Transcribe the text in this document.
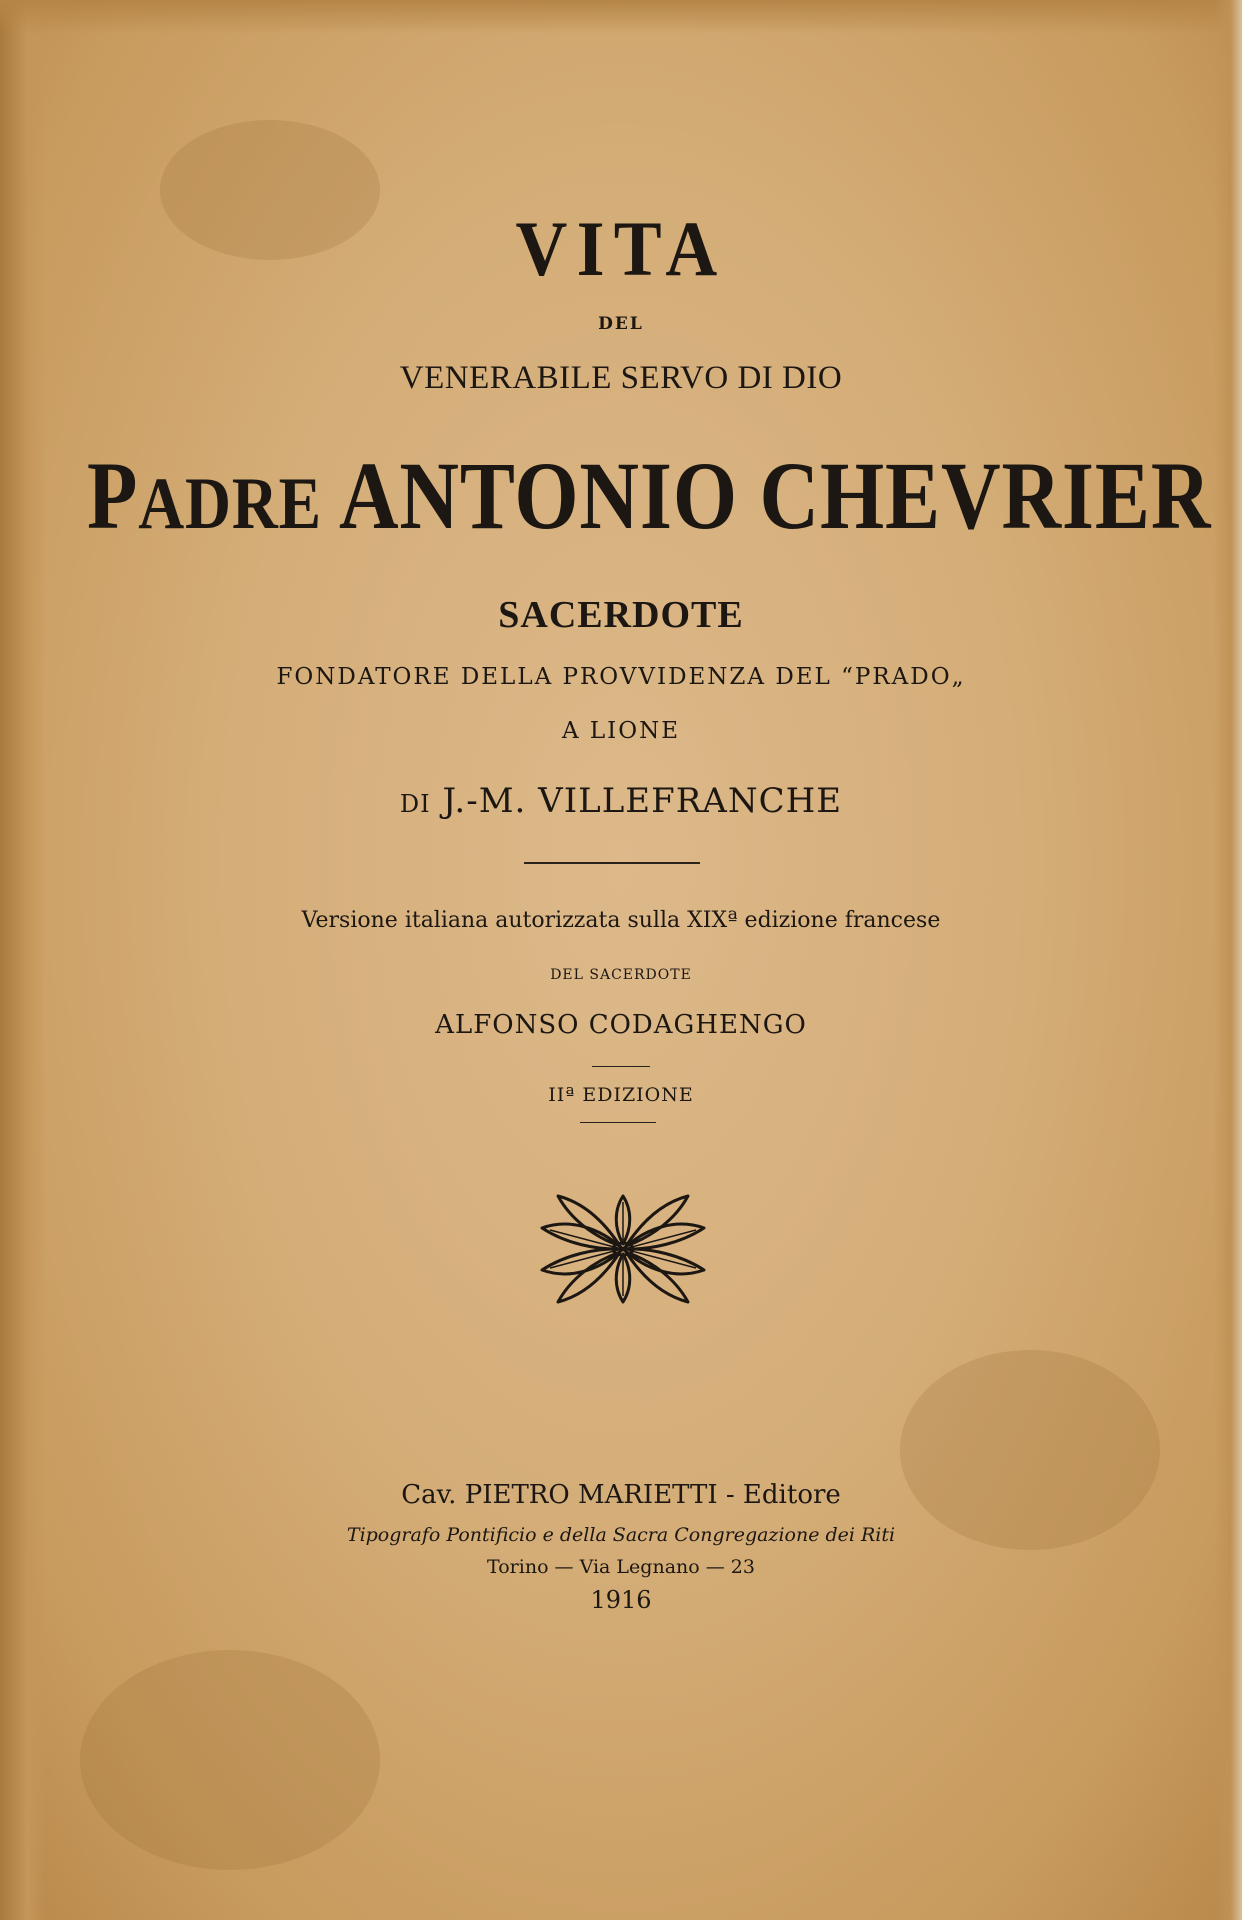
VITA
DEL
VENERABILE SERVO DI DIO
PADRE ANTONIO CHEVRIER
SACERDOTE
FONDATORE DELLA PROVVIDENZA DEL “PRADO„
A LIONE
DI J.-M. VILLEFRANCHE
Versione italiana autorizzata sulla XIXª edizione francese
DEL SACERDOTE
ALFONSO CODAGHENGO
IIª EDIZIONE
Cav. PIETRO MARIETTI - Editore
Tipografo Pontificio e della Sacra Congregazione dei Riti
Torino — Via Legnano — 23
1916
